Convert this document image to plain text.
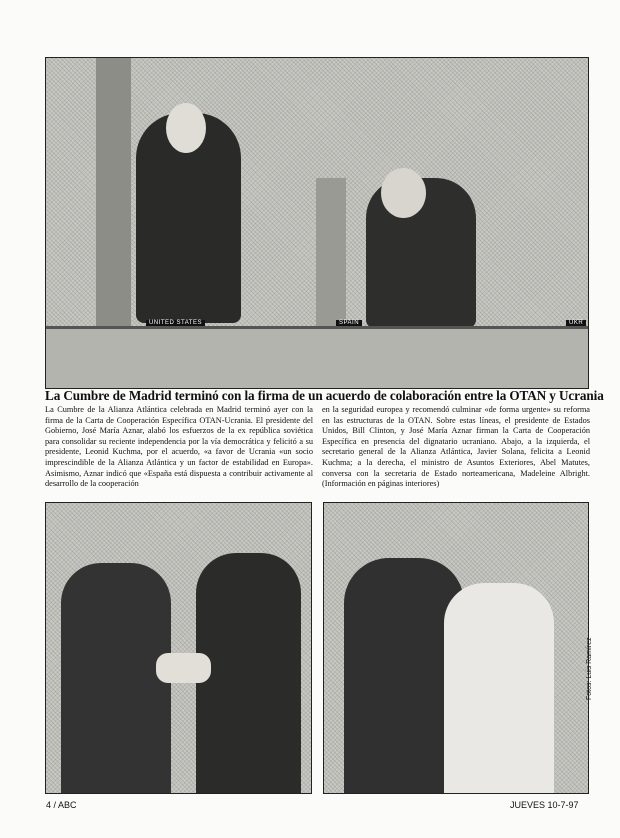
UNITED STATES	SPAIN	UKR
La Cumbre de Madrid terminó con la firma de un acuerdo de colaboración entre la OTAN y Ucrania
La Cumbre de la Alianza Atlántica celebrada en Madrid terminó ayer con la firma de la Carta de Cooperación Específica OTAN-Ucrania. El presidente del Gobierno, José María Aznar, alabó los esfuerzos de la ex república soviética para consolidar su reciente independencia por la vía democrática y felicitó a su presidente, Leonid Kuchma, por el acuerdo, «a favor de Ucrania «un socio imprescindible de la Alianza Atlántica y un factor de estabilidad en Europa». Asimismo, Aznar indicó que «España está dispuesta a contribuir activamente al desarrollo de la cooperación
en la seguridad europea y recomendó culminar «de forma urgente» su reforma en las estructuras de la OTAN. Sobre estas líneas, el presidente de Estados Unidos, Bill Clinton, y José María Aznar firman la Carta de Cooperación Específica en presencia del dignatario ucraniano. Abajo, a la izquierda, el secretario general de la Alianza Atlántica, Javier Solana, felicita a Leonid Kuchma; a la derecha, el ministro de Asuntos Exteriores, Abel Matutes, conversa con la secretaria de Estado norteamericana, Madeleine Albright. (Información en páginas interiores)
Fotos: Luis Ramírez
4 / ABC	JUEVES 10-7-97
